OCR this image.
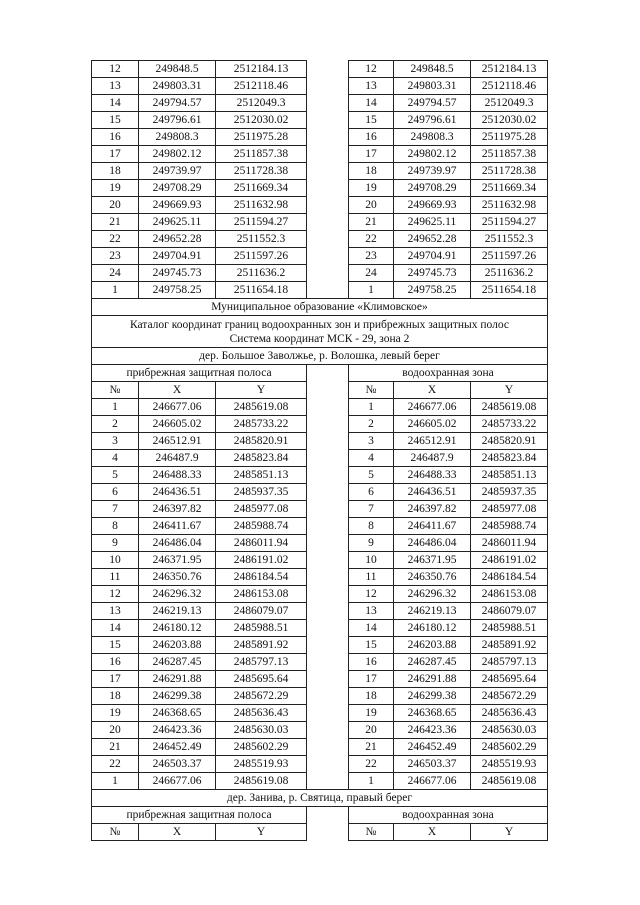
12	249848.5	2512184.13		12	249848.5	2512184.13
13	249803.31	2512118.46		13	249803.31	2512118.46
14	249794.57	2512049.3		14	249794.57	2512049.3
15	249796.61	2512030.02		15	249796.61	2512030.02
16	249808.3	2511975.28		16	249808.3	2511975.28
17	249802.12	2511857.38		17	249802.12	2511857.38
18	249739.97	2511728.38		18	249739.97	2511728.38
19	249708.29	2511669.34		19	249708.29	2511669.34
20	249669.93	2511632.98		20	249669.93	2511632.98
21	249625.11	2511594.27		21	249625.11	2511594.27
22	249652.28	2511552.3		22	249652.28	2511552.3
23	249704.91	2511597.26		23	249704.91	2511597.26
24	249745.73	2511636.2		24	249745.73	2511636.2
1	249758.25	2511654.18		1	249758.25	2511654.18
Муниципальное образование «Климовское»						

Каталог координат границ водоохранных зон и прибрежных защитных полос
Система координат МСК - 29, зона 2						

дер. Большое Заволжье, р. Волошка, левый берег						
прибрежная защитная полоса				водоохранная зона		
№	X	Y		№	X	Y
1	246677.06	2485619.08		1	246677.06	2485619.08
2	246605.02	2485733.22		2	246605.02	2485733.22
3	246512.91	2485820.91		3	246512.91	2485820.91
4	246487.9	2485823.84		4	246487.9	2485823.84
5	246488.33	2485851.13		5	246488.33	2485851.13
6	246436.51	2485937.35		6	246436.51	2485937.35
7	246397.82	2485977.08		7	246397.82	2485977.08
8	246411.67	2485988.74		8	246411.67	2485988.74
9	246486.04	2486011.94		9	246486.04	2486011.94
10	246371.95	2486191.02		10	246371.95	2486191.02
11	246350.76	2486184.54		11	246350.76	2486184.54
12	246296.32	2486153.08		12	246296.32	2486153.08
13	246219.13	2486079.07		13	246219.13	2486079.07
14	246180.12	2485988.51		14	246180.12	2485988.51
15	246203.88	2485891.92		15	246203.88	2485891.92
16	246287.45	2485797.13		16	246287.45	2485797.13
17	246291.88	2485695.64		17	246291.88	2485695.64
18	246299.38	2485672.29		18	246299.38	2485672.29
19	246368.65	2485636.43		19	246368.65	2485636.43
20	246423.36	2485630.03		20	246423.36	2485630.03
21	246452.49	2485602.29		21	246452.49	2485602.29
22	246503.37	2485519.93		22	246503.37	2485519.93
1	246677.06	2485619.08		1	246677.06	2485619.08
дер. Занива, р. Святица, правый берег						
прибрежная защитная полоса				водоохранная зона		
№	X	Y		№	X	Y
